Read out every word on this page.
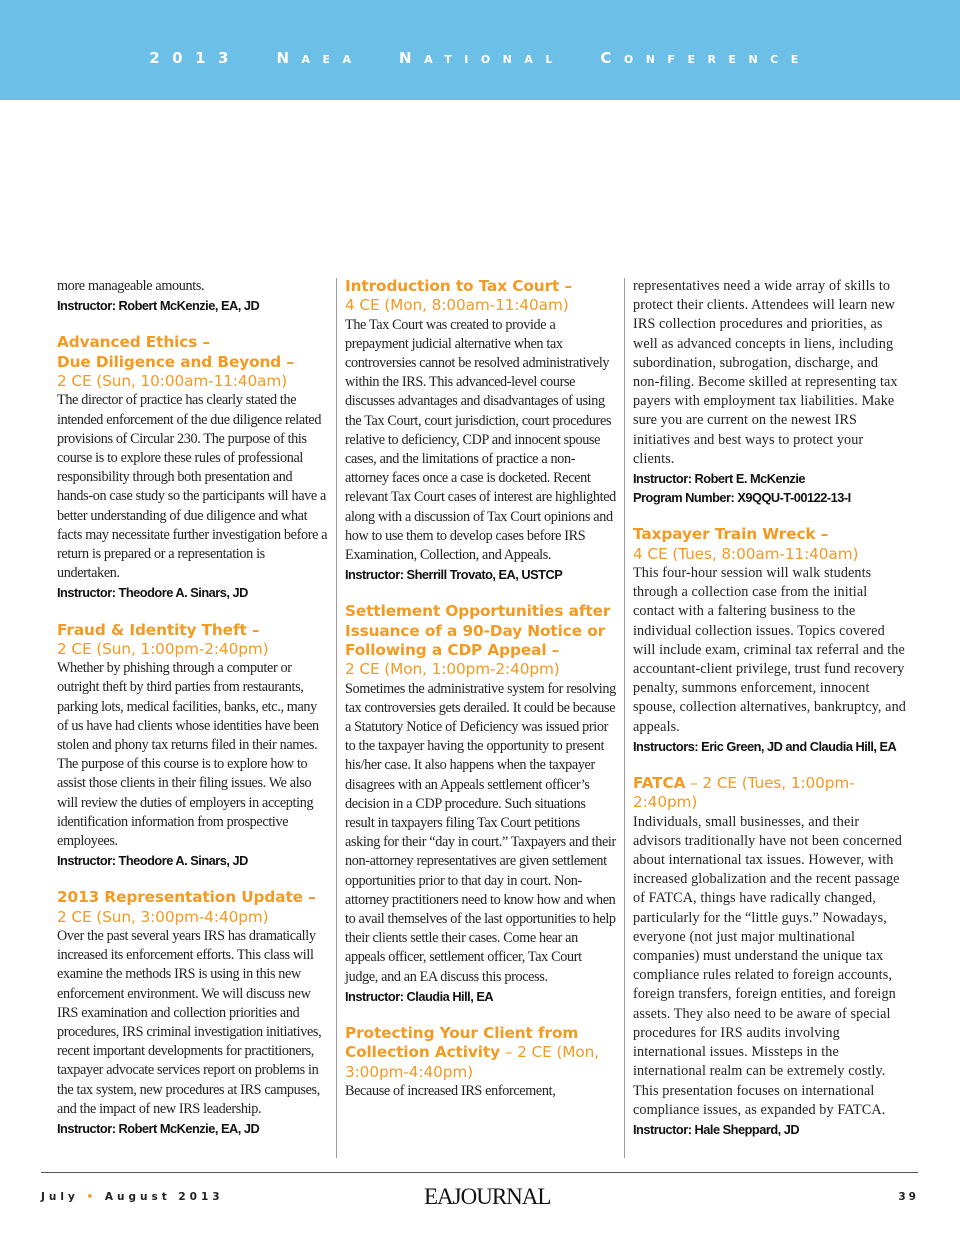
2013 NAEA NATIONAL CONFERENCE

more manageable amounts.

Instructor: Robert McKenzie, EA, JD

Advanced Ethics –
Due Diligence and Beyond –
2 CE (Sun, 10:00am-11:40am)

The director of practice has clearly stated the intended enforcement of the due diligence related provisions of Circular 230. The purpose of this course is to explore these rules of professional responsibility through both presentation and hands-on case study so the participants will have a better understanding of due diligence and what facts may necessitate further investigation before a return is prepared or a representation is undertaken.

Instructor: Theodore A. Sinars, JD

Fraud & Identity Theft –
2 CE (Sun, 1:00pm-2:40pm)

Whether by phishing through a computer or outright theft by third parties from restaurants, parking lots, medical facilities, banks, etc., many of us have had clients whose identities have been stolen and phony tax returns filed in their names. The purpose of this course is to explore how to assist those clients in their filing issues. We also will review the duties of employers in accepting identification information from prospective employees.

Instructor: Theodore A. Sinars, JD

2013 Representation Update –
2 CE (Sun, 3:00pm-4:40pm)

Over the past several years IRS has dramatically increased its enforcement efforts. This class will examine the methods IRS is using in this new enforcement environment. We will discuss new IRS examination and collection priorities and procedures, IRS criminal investigation initiatives, recent important developments for practitioners, taxpayer advocate services report on problems in the tax system, new procedures at IRS campuses, and the impact of new IRS leadership.

Instructor: Robert McKenzie, EA, JD

Introduction to Tax Court –
4 CE (Mon, 8:00am-11:40am)

The Tax Court was created to provide a prepayment judicial alternative when tax controversies cannot be resolved administratively within the IRS. This advanced-level course discusses advantages and disadvantages of using the Tax Court, court jurisdiction, court procedures relative to deficiency, CDP and innocent spouse cases, and the limitations of practice a non-attorney faces once a case is docketed. Recent relevant Tax Court cases of interest are highlighted along with a discussion of Tax Court opinions and how to use them to develop cases before IRS Examination, Collection, and Appeals.

Instructor: Sherrill Trovato, EA, USTCP

Settlement Opportunities after
Issuance of a 90-Day Notice or
Following a CDP Appeal –
2 CE (Mon, 1:00pm-2:40pm)

Sometimes the administrative system for resolving tax controversies gets derailed. It could be because a Statutory Notice of Deficiency was issued prior to the taxpayer having the opportunity to present his/her case. It also happens when the taxpayer disagrees with an Appeals settlement officer’s decision in a CDP procedure. Such situations result in taxpayers filing Tax Court petitions asking for their “day in court.” Taxpayers and their non-attorney representatives are given settlement opportunities prior to that day in court. Non-attorney practitioners need to know how and when to avail themselves of the last opportunities to help their clients settle their cases. Come hear an appeals officer, settlement officer, Tax Court judge, and an EA discuss this process.

Instructor: Claudia Hill, EA

Protecting Your Client from
Collection Activity – 2 CE (Mon,
3:00pm-4:40pm)

Because of increased IRS enforcement,

representatives need a wide array of skills to protect their clients. Attendees will learn new IRS collection procedures and priorities, as well as advanced concepts in liens, including subordination, subrogation, discharge, and non-filing. Become skilled at representing tax payers with employment tax liabilities. Make sure you are current on the newest IRS initiatives and best ways to protect your clients.

Instructor: Robert E. McKenzie

Program Number: X9QQU-T-00122-13-I

Taxpayer Train Wreck –
4 CE (Tues, 8:00am-11:40am)

This four-hour session will walk students through a collection case from the initial contact with a faltering business to the individual collection issues. Topics covered will include exam, criminal tax referral and the accountant-client privilege, trust fund recovery penalty, summons enforcement, innocent spouse, collection alternatives, bankruptcy, and appeals.

Instructors: Eric Green, JD and Claudia Hill, EA

FATCA – 2 CE (Tues, 1:00pm-2:40pm)

Individuals, small businesses, and their advisors traditionally have not been concerned about international tax issues. However, with increased globalization and the recent passage of FATCA, things have radically changed, particularly for the “little guys.” Nowadays, everyone (not just major multinational companies) must understand the unique tax compliance rules related to foreign accounts, foreign transfers, foreign entities, and foreign assets. They also need to be aware of special procedures for IRS audits involving international issues. Missteps in the international realm can be extremely costly. This presentation focuses on international compliance issues, as expanded by FATCA.

Instructor: Hale Sheppard, JD

July • August 2013	EAJOURNAL	39
